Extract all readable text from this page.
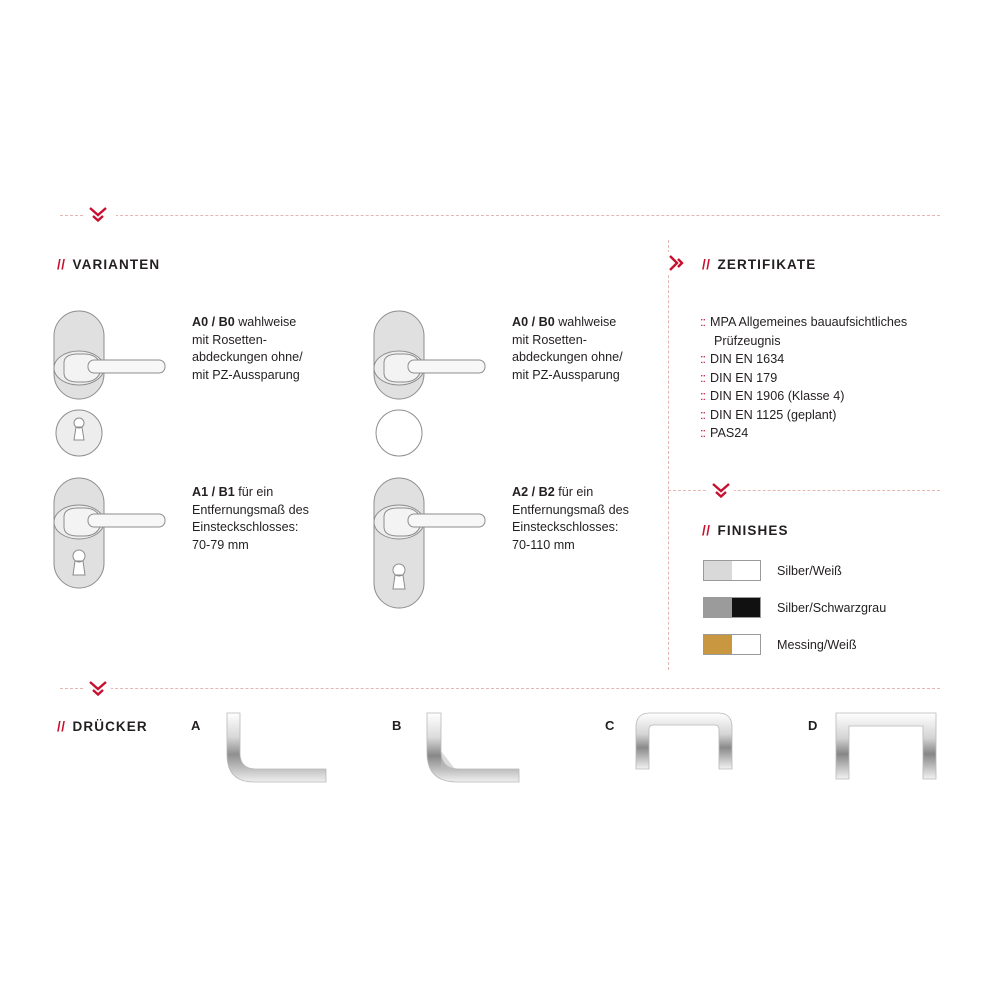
// VARIANTEN	// ZERTIFIKATE
:: MPA Allgemeines bauaufsichtliches Prüfzeugnis
:: DIN EN 1634
:: DIN EN 179
:: DIN EN 1906 (Klasse 4)
:: DIN EN 1125 (geplant)
:: PAS24
// FINISHES
Silber/Weiß
Silber/Schwarzgrau
Messing/Weiß
A0 / B0 wahlweise
mit Rosetten-
abdeckungen ohne/
mit PZ-Aussparung
A0 / B0 wahlweise
mit Rosetten-
abdeckungen ohne/
mit PZ-Aussparung
A1 / B1 für ein
Entfernungsmaß des
Einsteckschlosses:
70-79 mm
A2 / B2 für ein
Entfernungsmaß des
Einsteckschlosses:
70-110 mm
// DRÜCKER	A	B	C	D
